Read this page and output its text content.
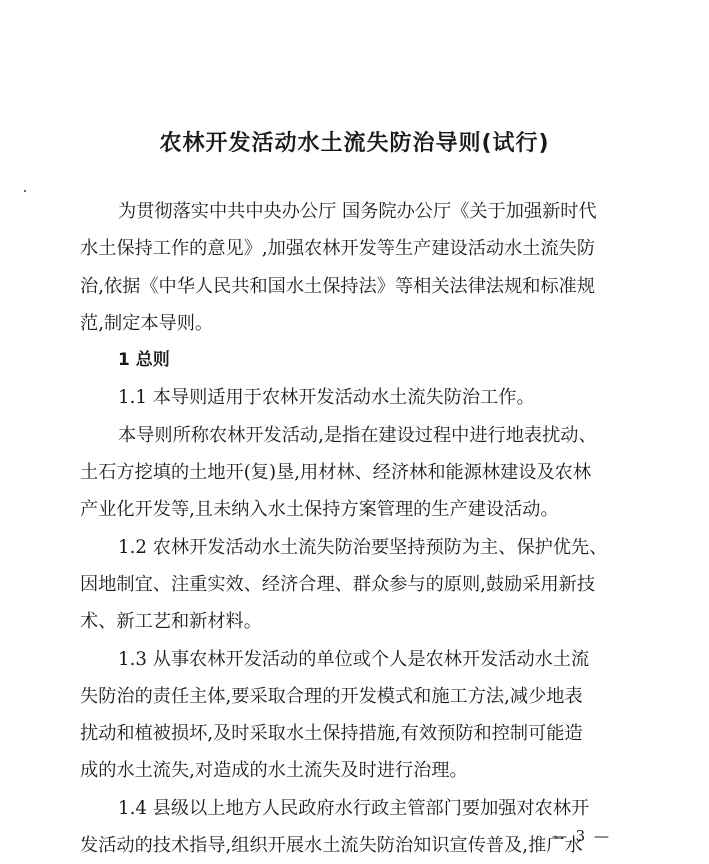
农林开发活动水土流失防治导则(试行)
为贯彻落实中共中央办公厅 国务院办公厅《关于加强新时代
水土保持工作的意见》,加强农林开发等生产建设活动水土流失防
治,依据《中华人民共和国水土保持法》等相关法律法规和标准规
范,制定本导则。
1 总则
1.1 本导则适用于农林开发活动水土流失防治工作。
本导则所称农林开发活动,是指在建设过程中进行地表扰动、
土石方挖填的土地开(复)垦,用材林、经济林和能源林建设及农林
产业化开发等,且未纳入水土保持方案管理的生产建设活动。
1.2 农林开发活动水土流失防治要坚持预防为主、保护优先、
因地制宜、注重实效、经济合理、群众参与的原则,鼓励采用新技
术、新工艺和新材料。
1.3 从事农林开发活动的单位或个人是农林开发活动水土流
失防治的责任主体,要采取合理的开发模式和施工方法,减少地表
扰动和植被损坏,及时采取水土保持措施,有效预防和控制可能造
成的水土流失,对造成的水土流失及时进行治理。
1.4 县级以上地方人民政府水行政主管部门要加强对农林开
发活动的技术指导,组织开展水土流失防治知识宣传普及,推广水
— 3 —
